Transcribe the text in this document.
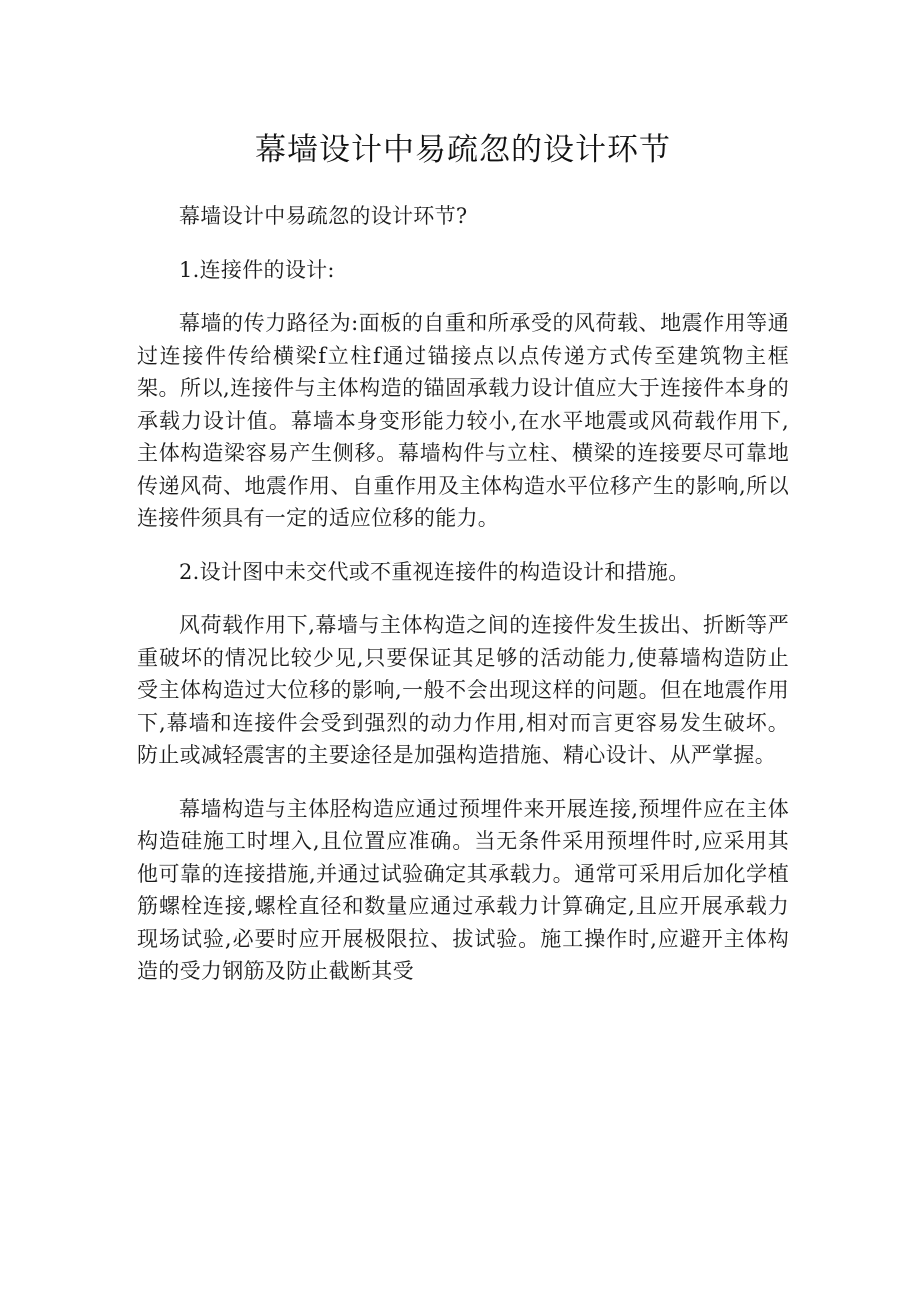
幕墙设计中易疏忽的设计环节

幕墙设计中易疏忽的设计环节?

1.连接件的设计:

幕墙的传力路径为:面板的自重和所承受的风荷载、地震作用等通过连接件传给横梁f立柱f通过锚接点以点传递方式传至建筑物主框架。所以,连接件与主体构造的锚固承载力设计值应大于连接件本身的承载力设计值。幕墙本身变形能力较小,在水平地震或风荷载作用下,主体构造梁容易产生侧移。幕墙构件与立柱、横梁的连接要尽可靠地传递风荷、地震作用、自重作用及主体构造水平位移产生的影响,所以连接件须具有一定的适应位移的能力。

2.设计图中未交代或不重视连接件的构造设计和措施。

风荷载作用下,幕墙与主体构造之间的连接件发生拔出、折断等严重破坏的情况比较少见,只要保证其足够的活动能力,使幕墙构造防止受主体构造过大位移的影响,一般不会出现这样的问题。但在地震作用下,幕墙和连接件会受到强烈的动力作用,相对而言更容易发生破坏。防止或减轻震害的主要途径是加强构造措施、精心设计、从严掌握。

幕墙构造与主体胫构造应通过预埋件来开展连接,预埋件应在主体构造硅施工时埋入,且位置应准确。当无条件采用预埋件时,应采用其他可靠的连接措施,并通过试验确定其承载力。通常可采用后加化学植筋螺栓连接,螺栓直径和数量应通过承载力计算确定,且应开展承载力现场试验,必要时应开展极限拉、拔试验。施工操作时,应避开主体构造的受力钢筋及防止截断其受
